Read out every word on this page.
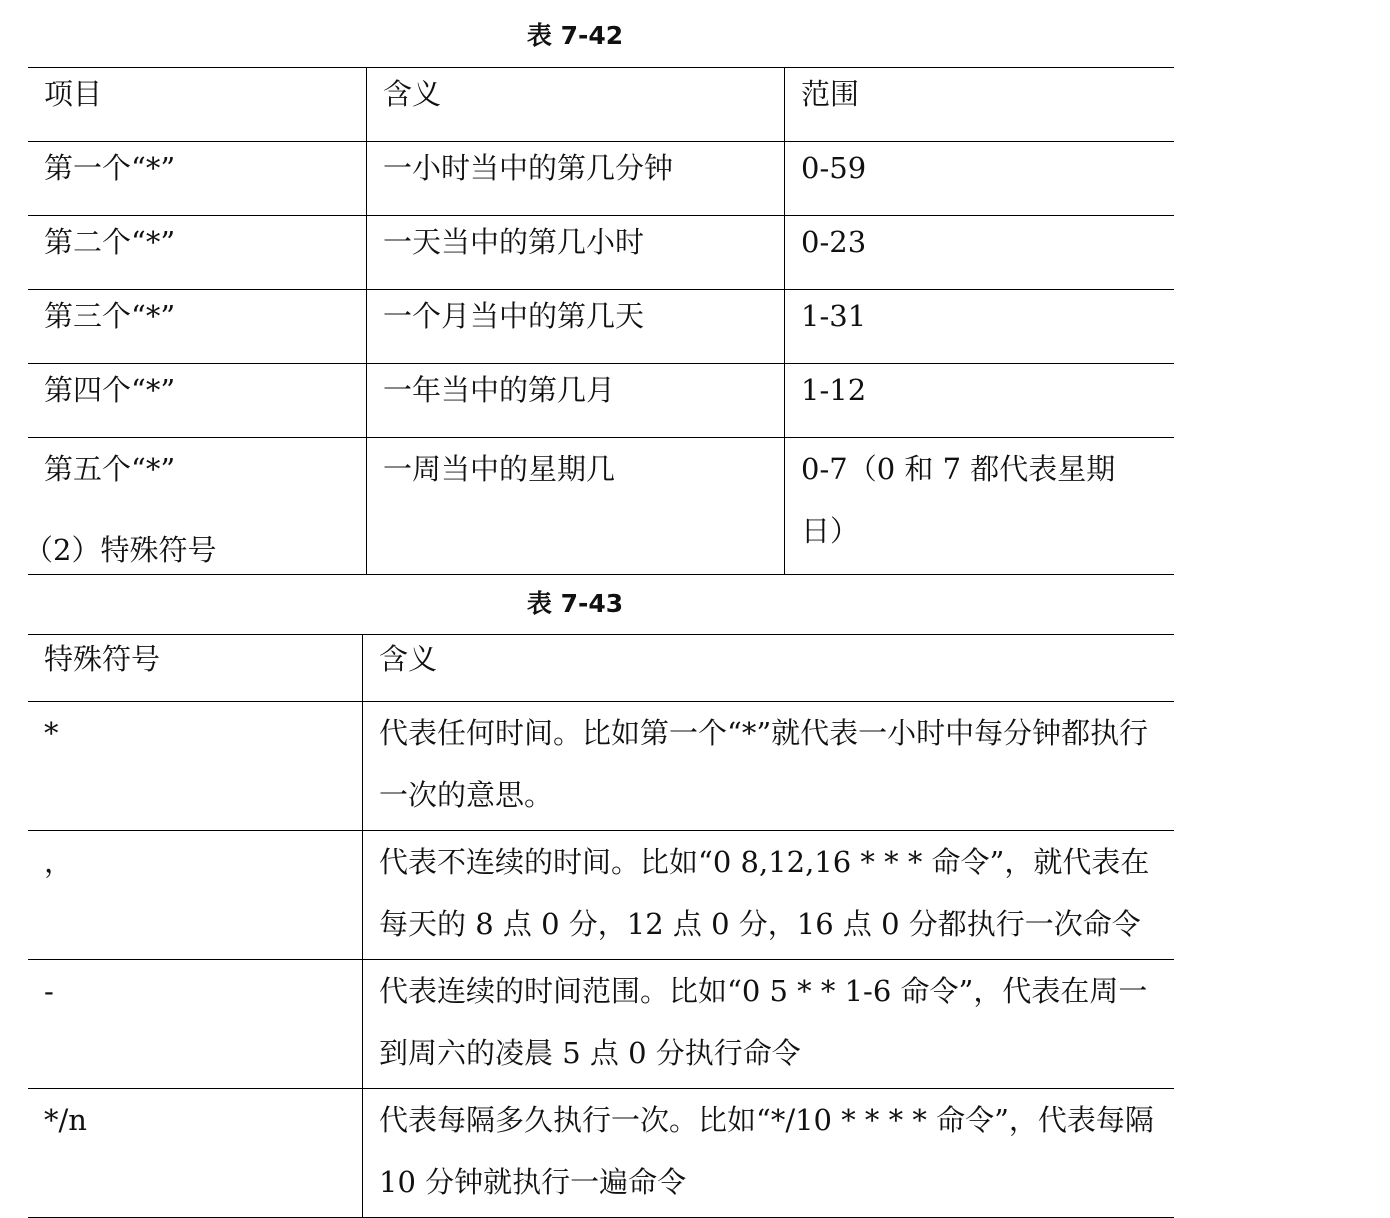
表 7-42
项目	含义	范围
第一个“*”	一小时当中的第几分钟	0-59
第二个“*”	一天当中的第几小时	0-23
第三个“*”	一个月当中的第几天	1-31
第四个“*”	一年当中的第几月	1-12
第五个“*”	一周当中的星期几	0-7（0 和 7 都代表星期日）
（2）特殊符号
表 7-43
特殊符号	含义
*	代表任何时间。比如第一个“*”就代表一小时中每分钟都执行一次的意思。
，	代表不连续的时间。比如“0 8,12,16 * * * 命令”，就代表在每天的 8 点 0 分，12 点 0 分，16 点 0 分都执行一次命令
-	代表连续的时间范围。比如“0 5 * * 1-6 命令”，代表在周一到周六的凌晨 5 点 0 分执行命令
*/n	代表每隔多久执行一次。比如“*/10 * * * * 命令”，代表每隔 10 分钟就执行一遍命令
